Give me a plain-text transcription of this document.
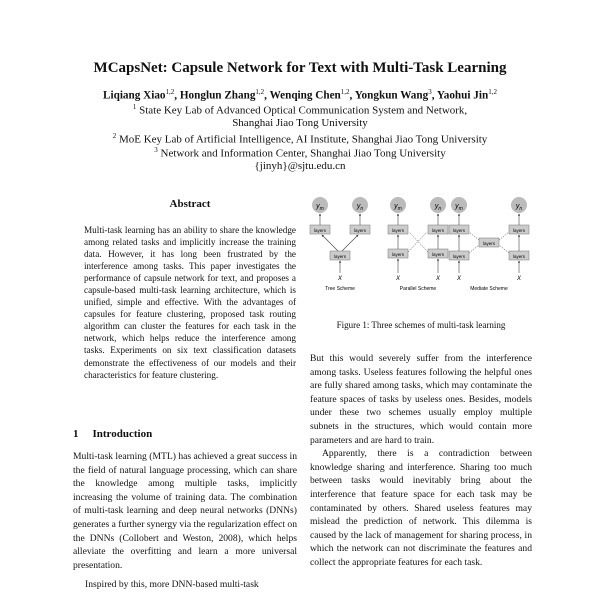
MCapsNet: Capsule Network for Text with Multi-Task Learning
Liqiang Xiao$^{1,2}$, Honglun Zhang$^{1,2}$, Wenqing Chen$^{1,2}$, Yongkun Wang$^3$, Yaohui Jin$^{1,2}$
$^1$ State Key Lab of Advanced Optical Communication System and Network,
Shanghai Jiao Tong University
$^2$ MoE Key Lab of Artificial Intelligence, AI Institute, Shanghai Jiao Tong University
$^3$ Network and Information Center, Shanghai Jiao Tong University
{jinyh}@sjtu.edu.cn
Abstract
Multi-task learning has an ability to share the knowledge among related tasks and implicitly increase the training data. However, it has long been frustrated by the interference among tasks. This paper investigates the performance of capsule network for text, and proposes a capsule-based multi-task learning architecture, which is unified, simple and effective. With the advantages of capsules for feature clustering, proposed task routing algorithm can cluster the features for each task in the network, which helps reduce the interference among tasks. Experiments on six text classification datasets demonstrate the effectiveness of our models and their characteristics for feature clustering.
1 Introduction

Multi-task learning (MTL) has achieved a great success in the field of natural language processing, which can share the knowledge among multiple tasks, implicitly increasing the volume of training data. The combination of multi-task learning and deep neural networks (DNNs) generates a further synergy via the regularization effect on the DNNs (Collobert and Weston, 2008), which helps alleviate the overfitting and learn a more universal presentation.

Inspired by this, more DNN-based multi-task

$y_m$	$y_n$
layers	layers
layers
X
Tree Scheme
$y_m$	$y_n$
layers	layers
layers	layers
X	X
Parallel Scheme
$y_m$	$y_n$
layers	layers
layers
layers	layers
X	X
Mediate Scheme
Figure 1: Three schemes of multi-task learning

But this would severely suffer from the interference among tasks. Useless features following the helpful ones are fully shared among tasks, which may contaminate the feature spaces of tasks by useless ones. Besides, models under these two schemes usually employ multiple subnets in the structures, which would contain more parameters and are hard to train.

Apparently, there is a contradiction between knowledge sharing and interference. Sharing too much between tasks would inevitably bring about the interference that feature space for each task may be contaminated by others. Shared useless features may mislead the prediction of network. This dilemma is caused by the lack of management for sharing process, in which the network can not discriminate the features and collect the appropriate features for each task.
